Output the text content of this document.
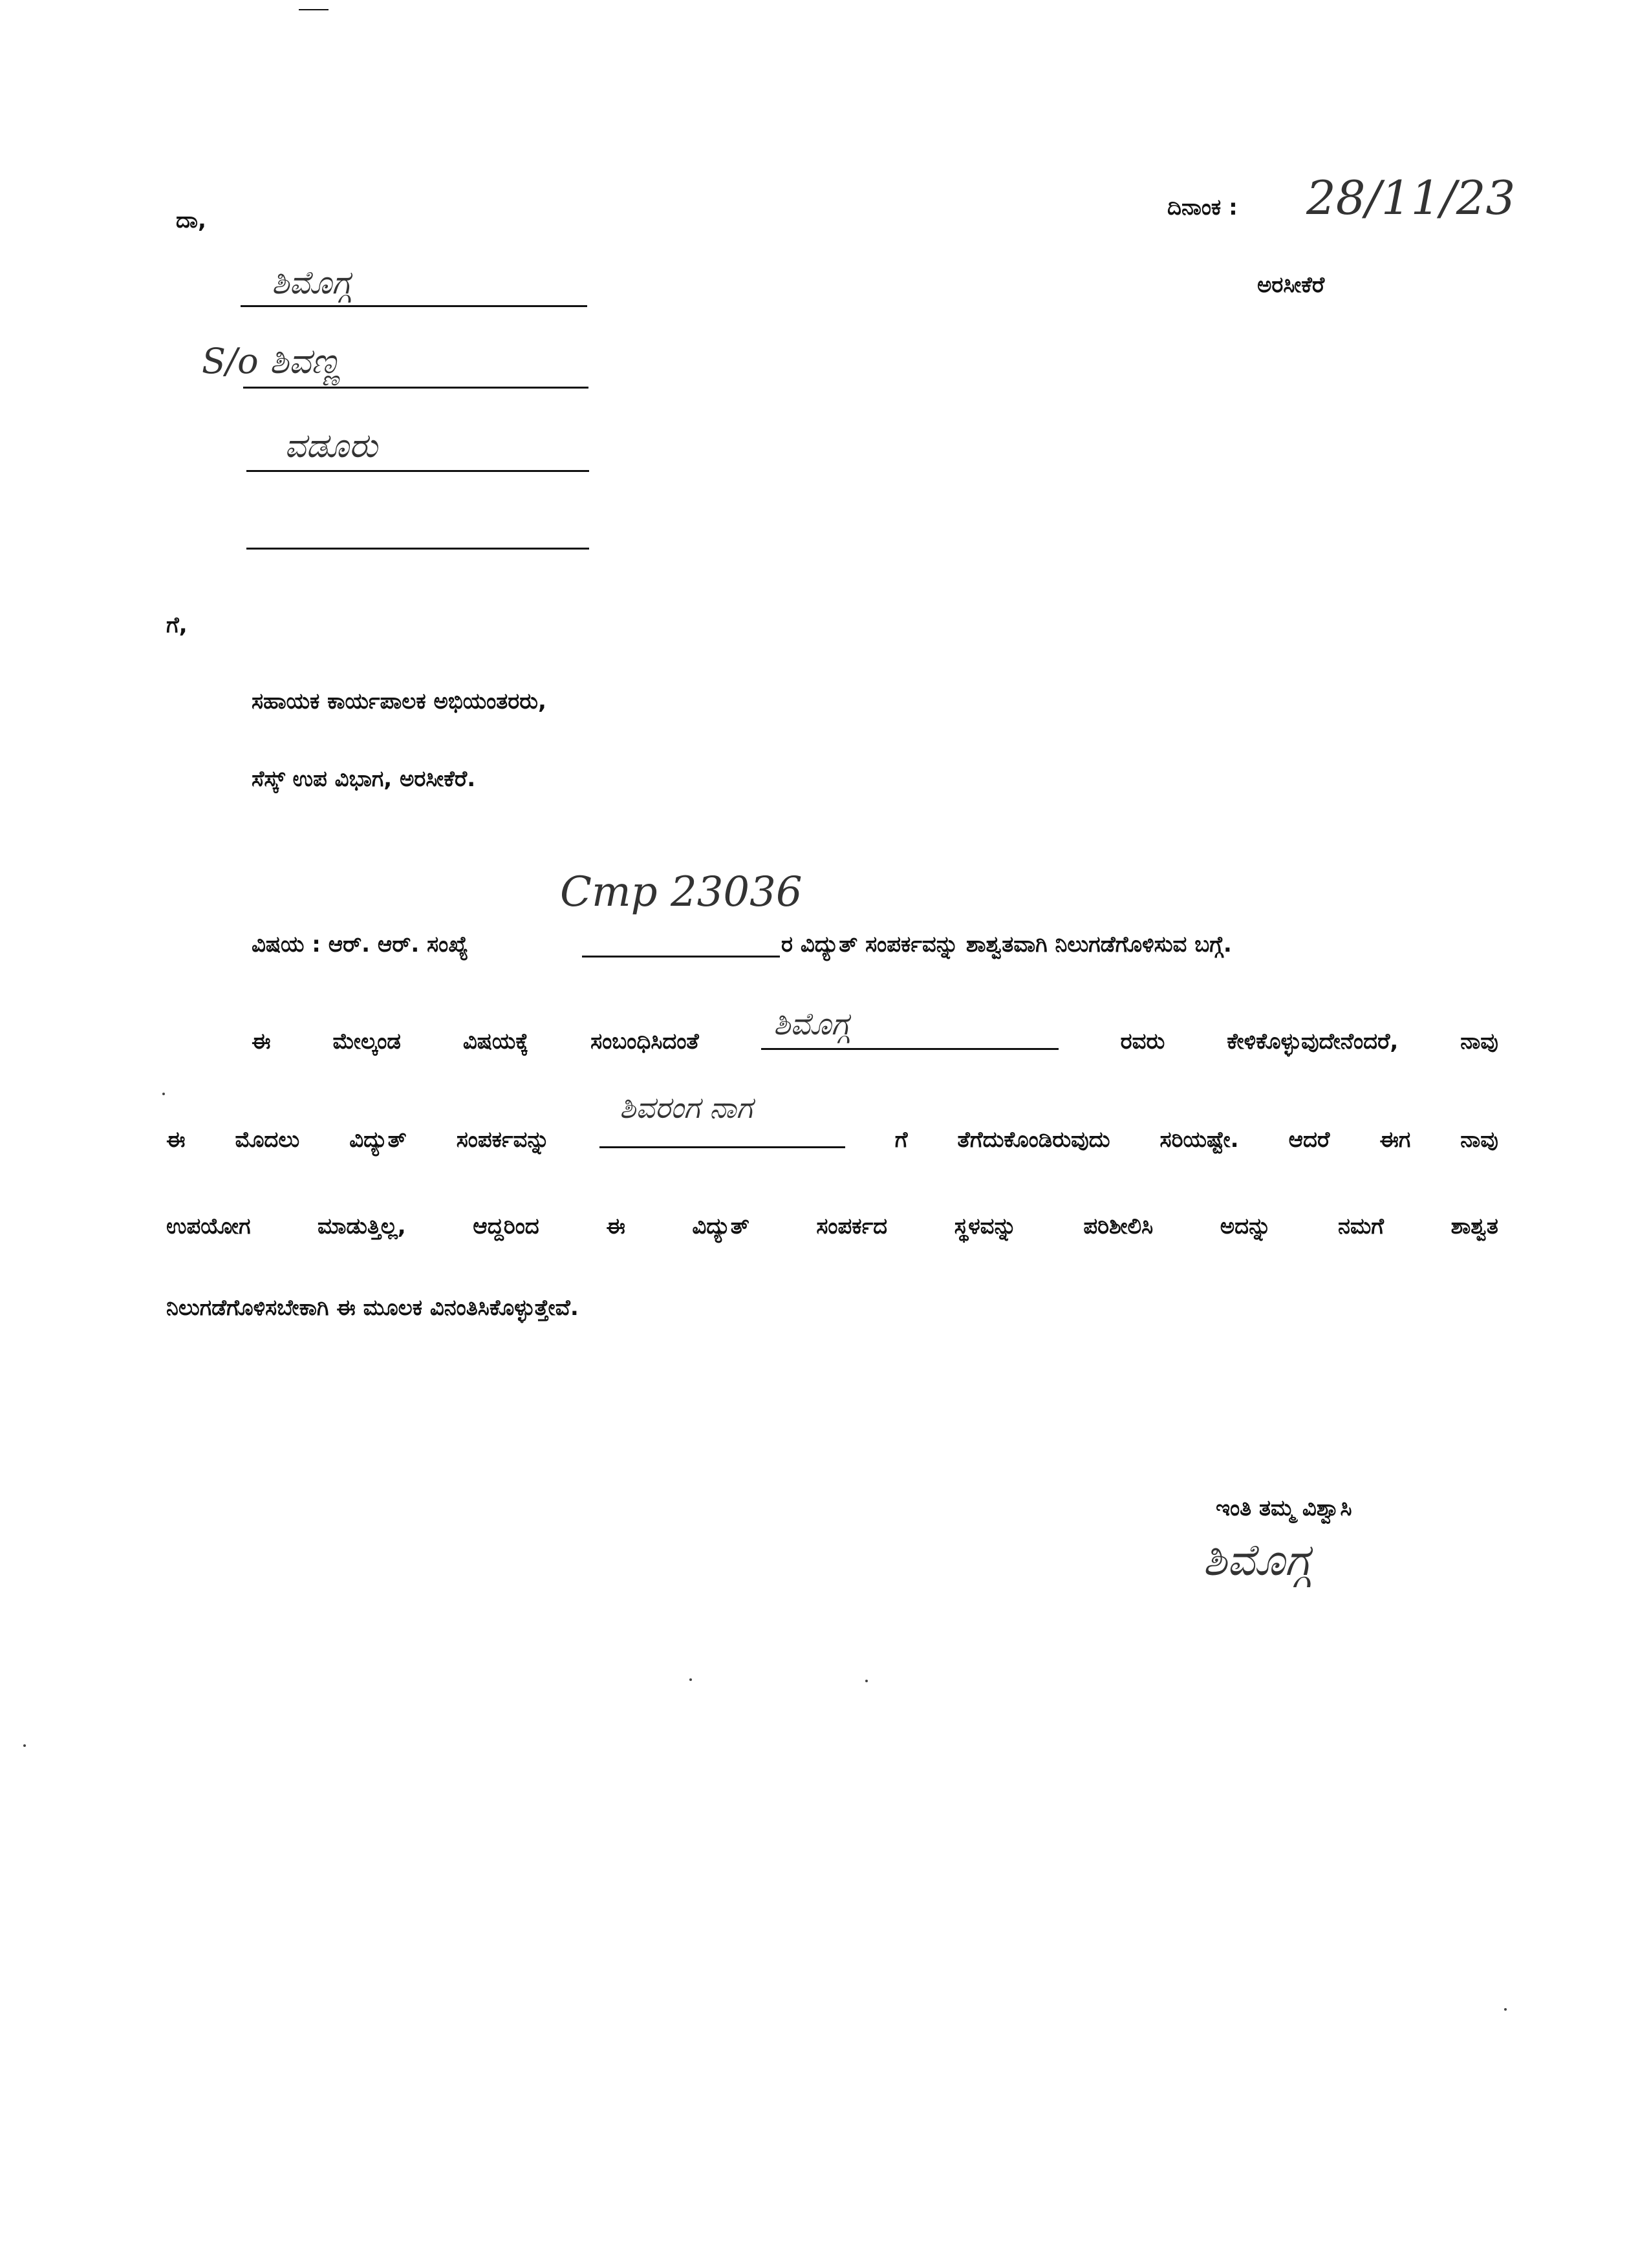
ದಾ,
ಶಿಮೊಗ್ಗ
S/o ಶಿವಣ್ಣ
ವಡೂರು
ದಿನಾಂಕ : 28/11/23
ಅರಸೀಕೆರೆ
ಗೆ,
ಸಹಾಯಕ ಕಾರ್ಯಪಾಲಕ ಅಭಿಯಂತರರು,
ಸೆಸ್ಕ್ ಉಪ ವಿಭಾಗ, ಅರಸೀಕೆರೆ.
ವಿಷಯ : ಆರ್. ಆರ್. ಸಂಖ್ಯೆ
Cmp 23036
ರ ವಿದ್ಯುತ್ ಸಂಪರ್ಕವನ್ನು ಶಾಶ್ವತವಾಗಿ ನಿಲುಗಡೆಗೊಳಿಸುವ ಬಗ್ಗೆ.
ಈ	ಮೇಲ್ಕಂಡ	ವಿಷಯಕ್ಕೆ	ಸಂಬಂಧಿಸಿದಂತೆ	ರವರು	ಕೇಳಿಕೊಳ್ಳುವುದೇನೆಂದರೆ,	ನಾವು
ಶಿಮೊಗ್ಗ
ಈ ಮೊದಲು ವಿದ್ಯುತ್ ಸಂಪರ್ಕವನ್ನು	ಗೆ ತೆಗೆದುಕೊಂಡಿರುವುದು ಸರಿಯಷ್ಟೇ. ಆದರೆ ಈಗ ನಾವು
ಶಿವರಂಗ ನಾಗ
ಉಪಯೋಗ	ಮಾಡುತ್ತಿಲ್ಲ,	ಆದ್ದರಿಂದ	ಈ	ವಿದ್ಯುತ್	ಸಂಪರ್ಕದ	ಸ್ಥಳವನ್ನು	ಪರಿಶೀಲಿಸಿ	ಅದನ್ನು	ನಮಗೆ	ಶಾಶ್ವತ
ನಿಲುಗಡೆಗೊಳಿಸಬೇಕಾಗಿ ಈ ಮೂಲಕ ವಿನಂತಿಸಿಕೊಳ್ಳುತ್ತೇವೆ.
ಇಂತಿ ತಮ್ಮ ವಿಶ್ವಾಸಿ
ಶಿಮೊಗ್ಗ
